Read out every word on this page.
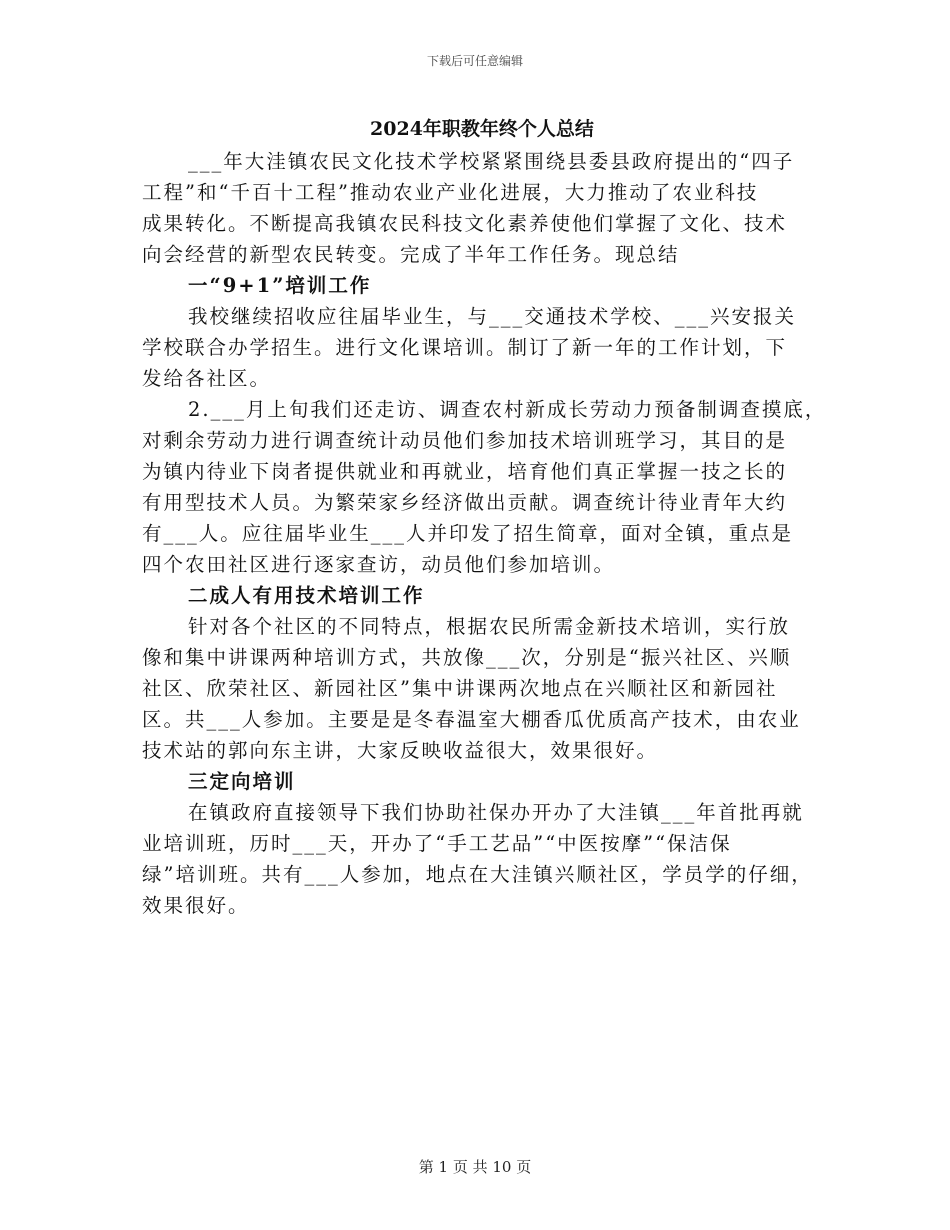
下载后可任意编辑
2024年职教年终个人总结

___年大洼镇农民文化技术学校紧紧围绕县委县政府提出的“四子

工程”和“千百十工程”推动农业产业化进展，大力推动了农业科技

成果转化。不断提高我镇农民科技文化素养使他们掌握了文化、技术

向会经营的新型农民转变。完成了半年工作任务。现总结

一“9+1”培训工作

我校继续招收应往届毕业生，与___交通技术学校、___兴安报关

学校联合办学招生。进行文化课培训。制订了新一年的工作计划，下

发给各社区。

2.___月上旬我们还走访、调查农村新成长劳动力预备制调查摸底，

对剩余劳动力进行调查统计动员他们参加技术培训班学习，其目的是

为镇内待业下岗者提供就业和再就业，培育他们真正掌握一技之长的

有用型技术人员。为繁荣家乡经济做出贡献。调查统计待业青年大约

有___人。应往届毕业生___人并印发了招生简章，面对全镇，重点是

四个农田社区进行逐家查访，动员他们参加培训。

二成人有用技术培训工作

针对各个社区的不同特点，根据农民所需金新技术培训，实行放

像和集中讲课两种培训方式，共放像___次，分别是“振兴社区、兴顺

社区、欣荣社区、新园社区”集中讲课两次地点在兴顺社区和新园社

区。共___人参加。主要是是冬春温室大棚香瓜优质高产技术，由农业

技术站的郭向东主讲，大家反映收益很大，效果很好。

三定向培训

在镇政府直接领导下我们协助社保办开办了大洼镇___年首批再就

业培训班，历时___天，开办了“手工艺品”“中医按摩”“保洁保

绿”培训班。共有___人参加，地点在大洼镇兴顺社区，学员学的仔细，

效果很好。

第 1 页 共 10 页
